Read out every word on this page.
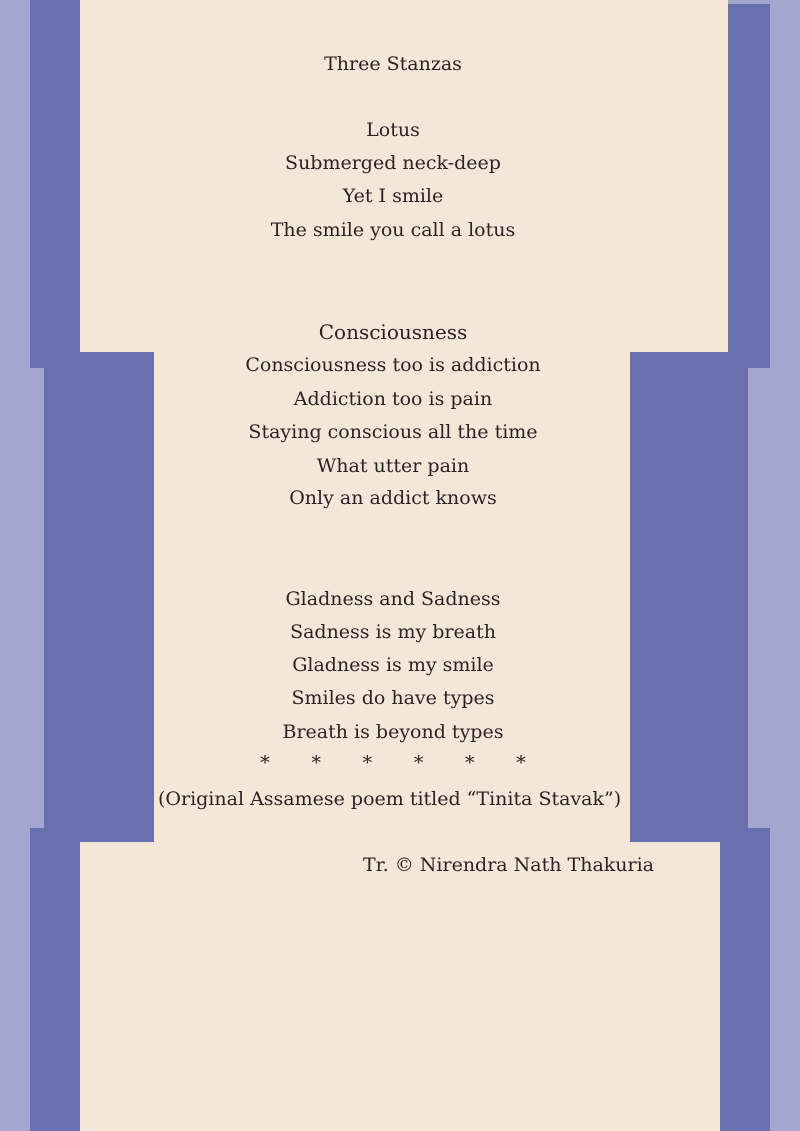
Three Stanzas
Lotus
Submerged neck-deep
Yet I smile
The smile you call a lotus
Consciousness
Consciousness too is addiction
Addiction too is pain
Staying conscious all the time
What utter pain
Only an addict knows
Gladness and Sadness
Sadness is my breath
Gladness is my smile
Smiles do have types
Breath is beyond types
*	*	*	*	*	*
(Original Assamese poem titled “Tinita Stavak”)
Tr. © Nirendra Nath Thakuria
